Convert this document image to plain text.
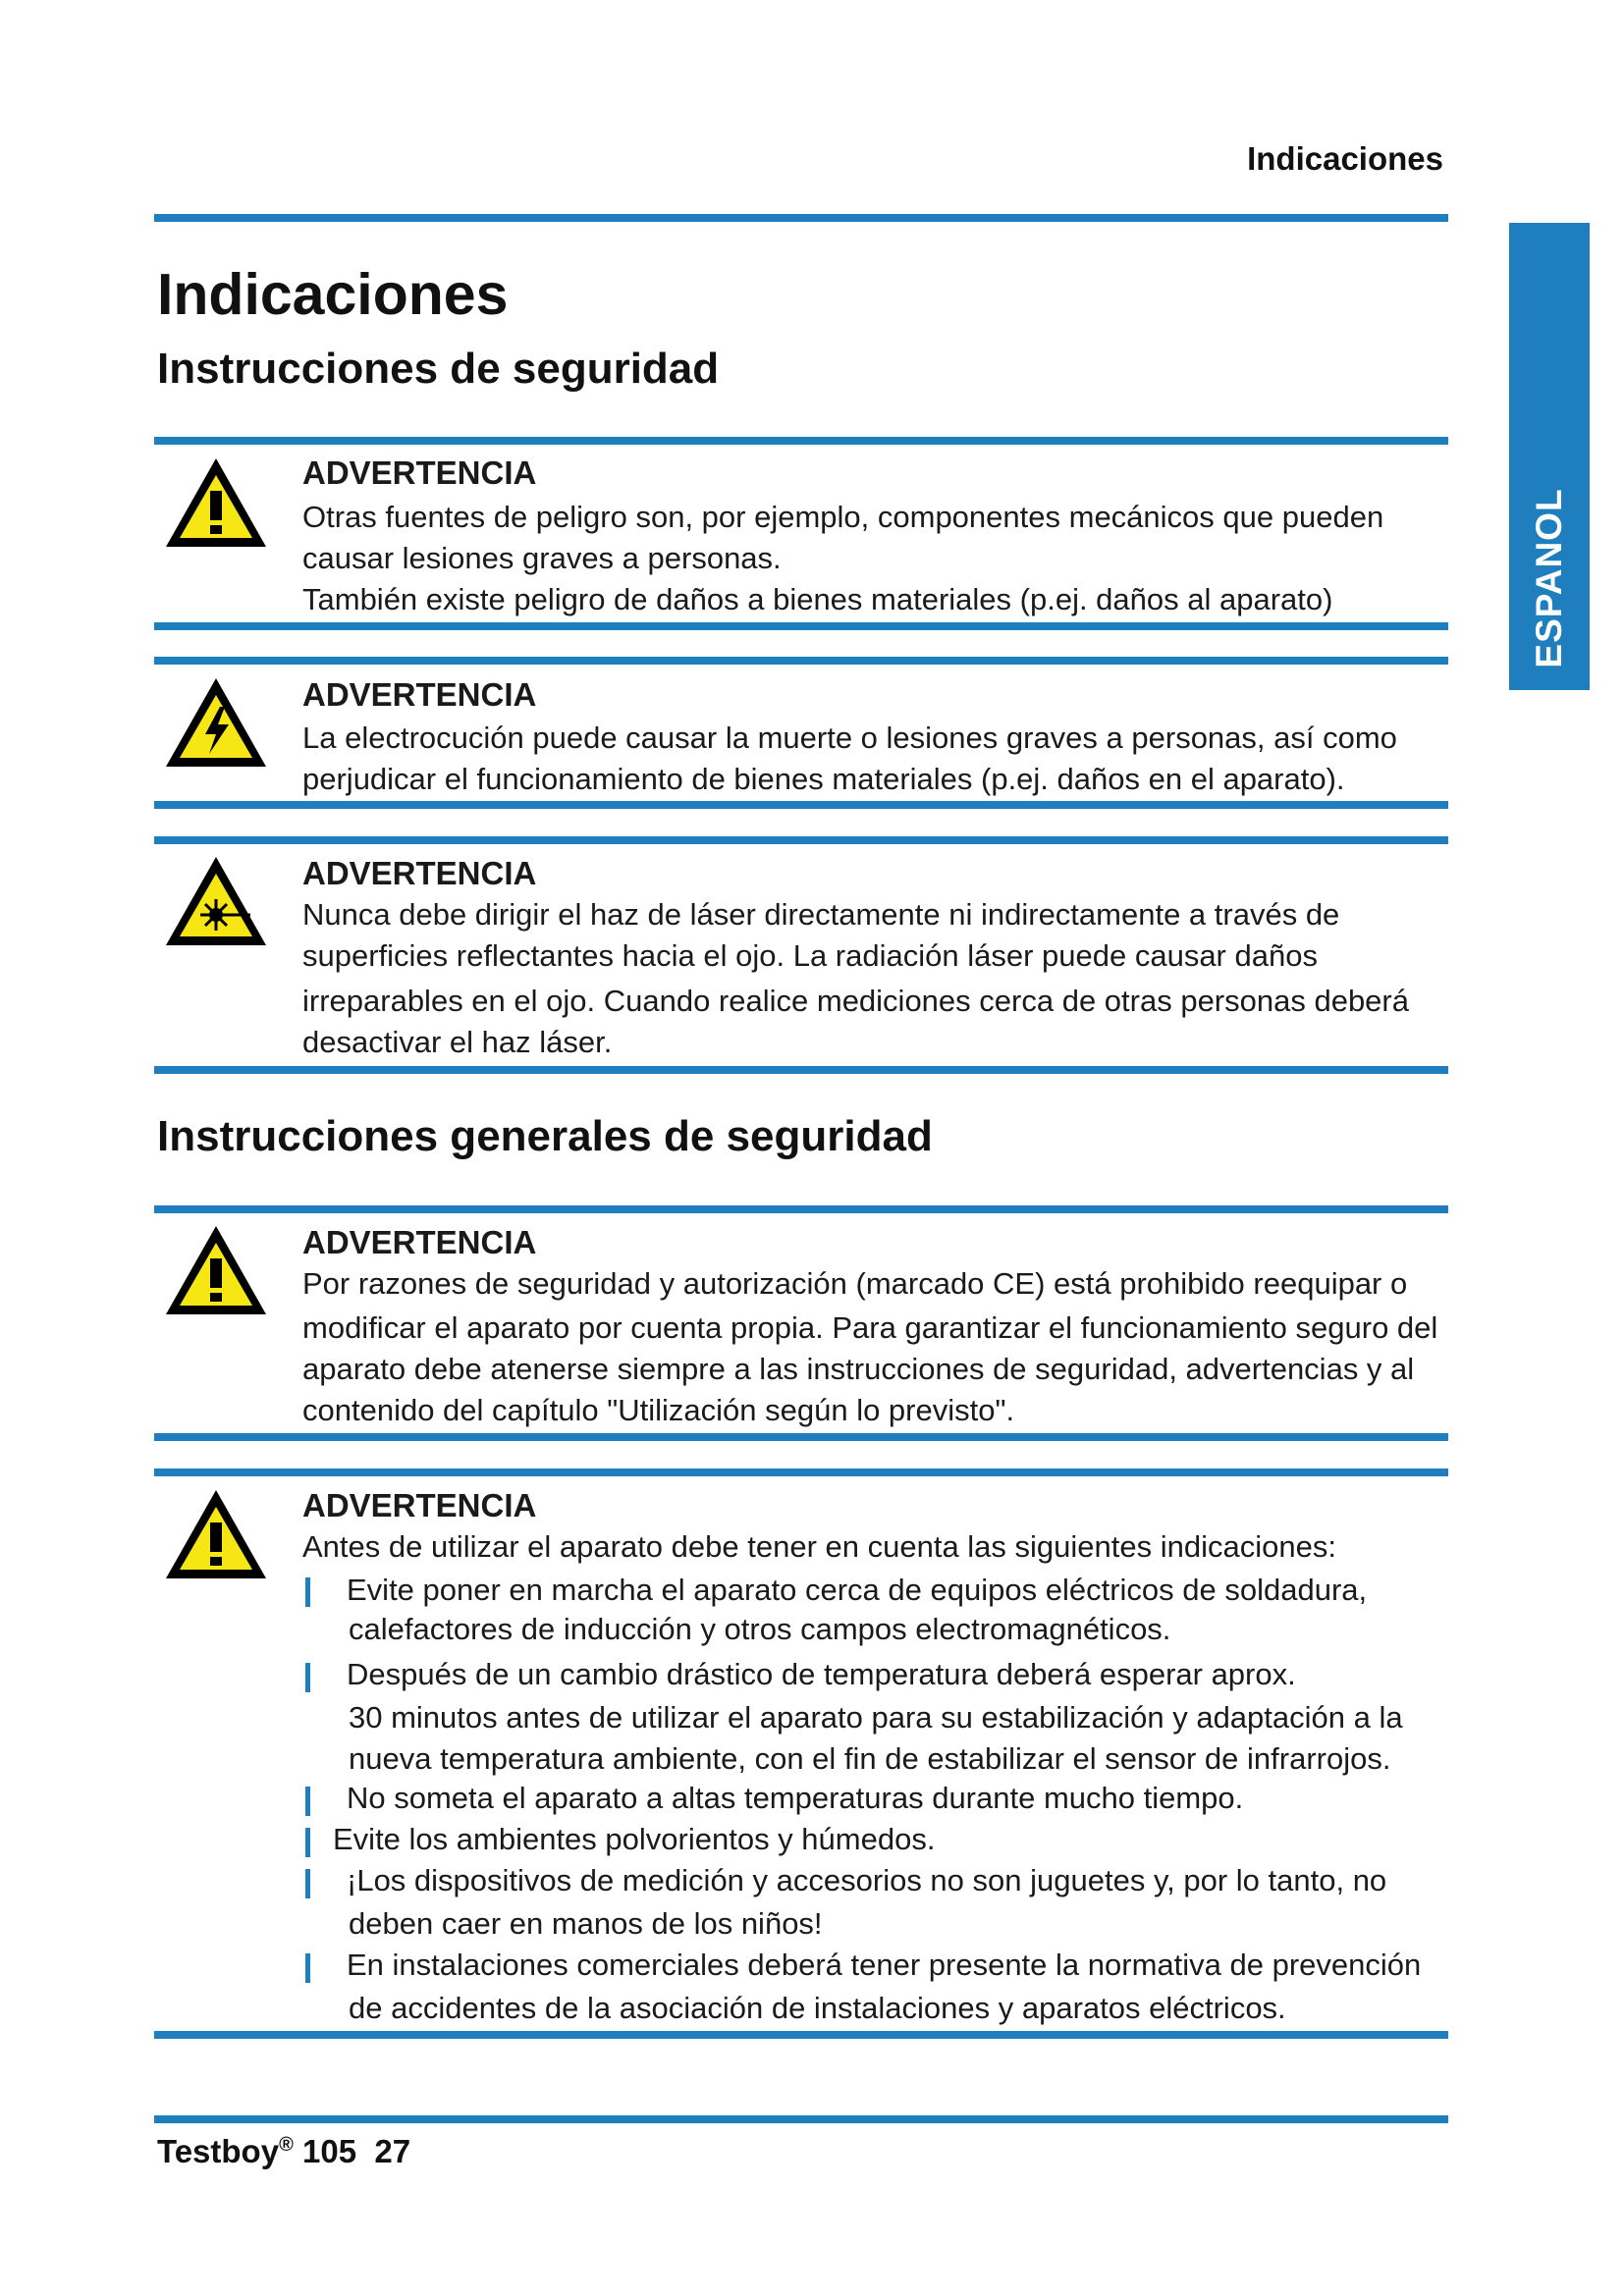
Indicaciones
ESPANOL
Indicaciones
Instrucciones de seguridad
ADVERTENCIA
Otras fuentes de peligro son, por ejemplo, componentes mecánicos que pueden
causar lesiones graves a personas.
También existe peligro de daños a bienes materiales (p.ej. daños al aparato)
ADVERTENCIA
La electrocución puede causar la muerte o lesiones graves a personas, así como
perjudicar el funcionamiento de bienes materiales (p.ej. daños en el aparato).
ADVERTENCIA
Nunca debe dirigir el haz de láser directamente ni indirectamente a través de
superficies reflectantes hacia el ojo. La radiación láser puede causar daños
irreparables en el ojo. Cuando realice mediciones cerca de otras personas deberá
desactivar el haz láser.
Instrucciones generales de seguridad
ADVERTENCIA
Por razones de seguridad y autorización (marcado CE) está prohibido reequipar o
modificar el aparato por cuenta propia. Para garantizar el funcionamiento seguro del
aparato debe atenerse siempre a las instrucciones de seguridad, advertencias y al
contenido del capítulo "Utilización según lo previsto".
ADVERTENCIA
Antes de utilizar el aparato debe tener en cuenta las siguientes indicaciones:
Evite poner en marcha el aparato cerca de equipos eléctricos de soldadura,
calefactores de inducción y otros campos electromagnéticos.
Después de un cambio drástico de temperatura deberá esperar aprox.
30 minutos antes de utilizar el aparato para su estabilización y adaptación a la
nueva temperatura ambiente, con el fin de estabilizar el sensor de infrarrojos.
No someta el aparato a altas temperaturas durante mucho tiempo.
Evite los ambientes polvorientos y húmedos.
¡Los dispositivos de medición y accesorios no son juguetes y, por lo tanto, no
deben caer en manos de los niños!
En instalaciones comerciales deberá tener presente la normativa de prevención
de accidentes de la asociación de instalaciones y aparatos eléctricos.
Testboy® 105 27
